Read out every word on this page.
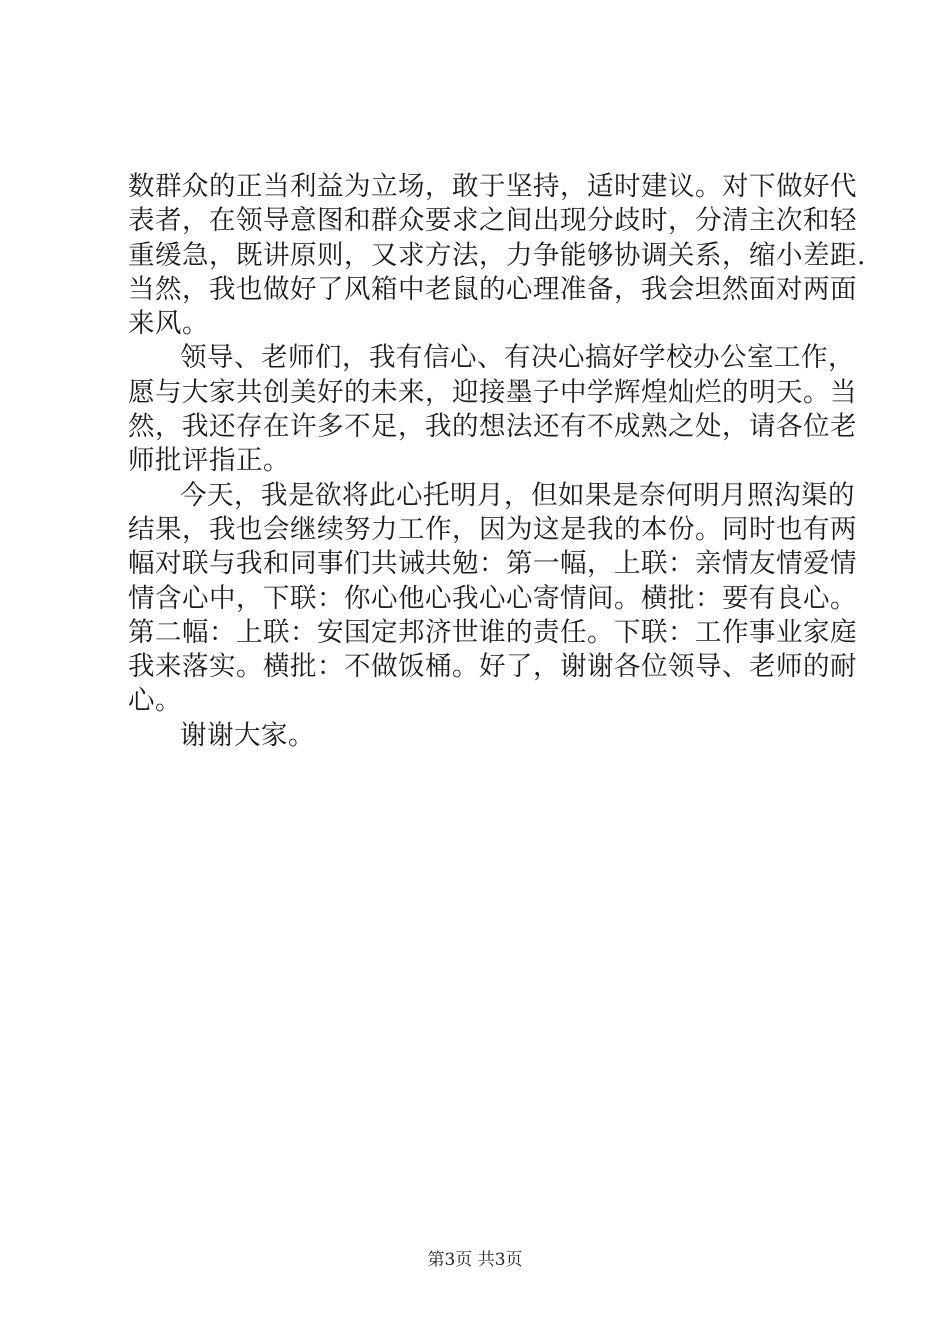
数群众的正当利益为立场，敢于坚持，适时建议。对下做好代
表者，在领导意图和群众要求之间出现分歧时，分清主次和轻
重缓急，既讲原则，又求方法，力争能够协调关系，缩小差距.
当然，我也做好了风箱中老鼠的心理准备，我会坦然面对两面
来风。
领导、老师们，我有信心、有决心搞好学校办公室工作，
愿与大家共创美好的未来，迎接墨子中学辉煌灿烂的明天。当
然，我还存在许多不足，我的想法还有不成熟之处，请各位老
师批评指正。
今天，我是欲将此心托明月，但如果是奈何明月照沟渠的
结果，我也会继续努力工作，因为这是我的本份。同时也有两
幅对联与我和同事们共诫共勉：第一幅，上联：亲情友情爱情
情含心中，下联：你心他心我心心寄情间。横批：要有良心。
第二幅：上联：安国定邦济世谁的责任。下联：工作事业家庭
我来落实。横批：不做饭桶。好了，谢谢各位领导、老师的耐
心。
谢谢大家。
第3页 共3页
